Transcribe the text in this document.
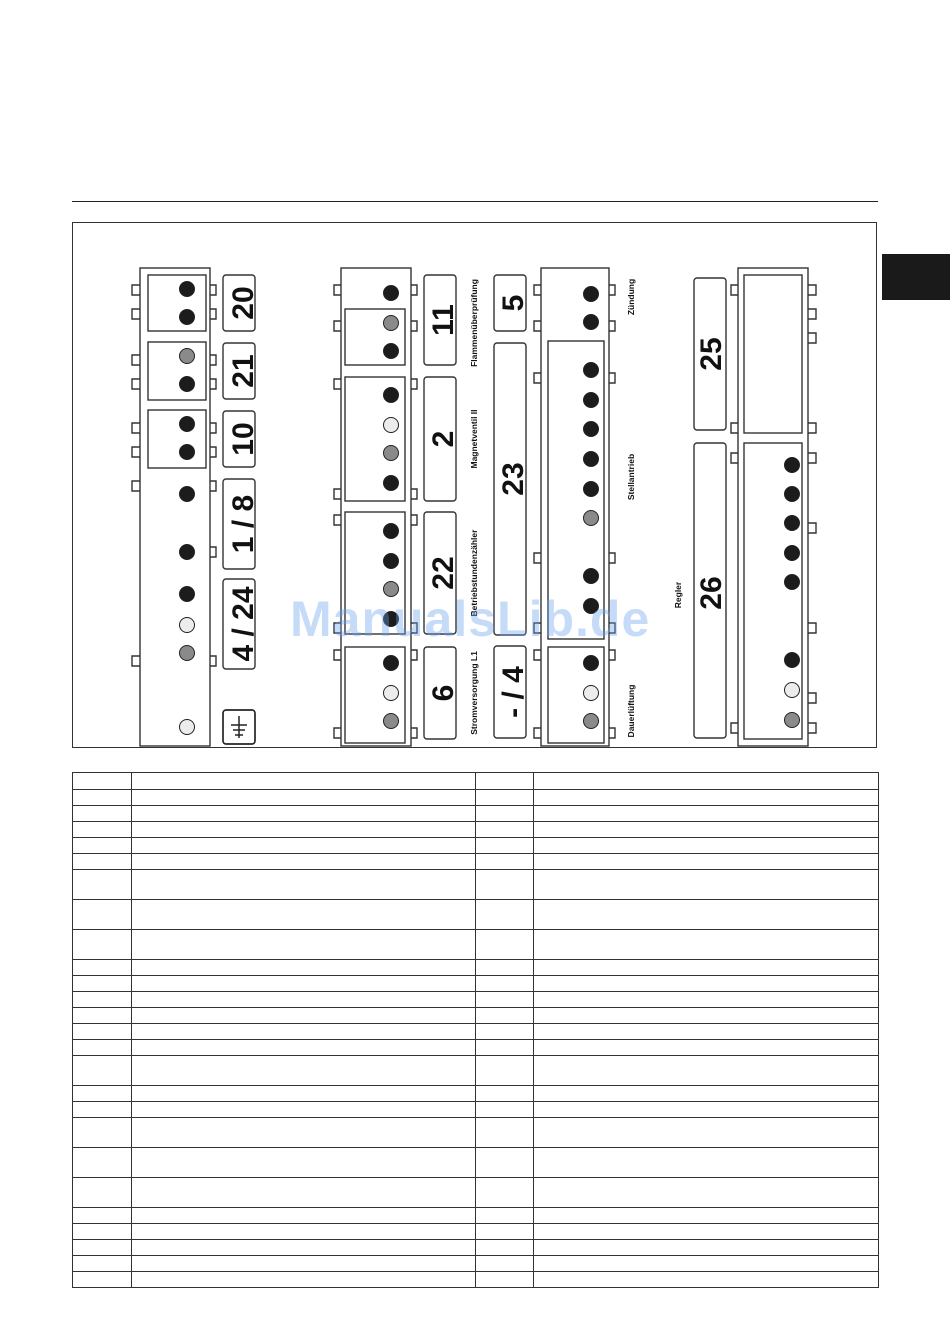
20
21
10
1 / 8
4 / 24
11
2
22
6
5
23
- / 4
25
26
Flammenüberprüfung
Magnetventil II
Betriebstundenzähler
Stromversorgung L1
Zündung
Stellantrieb
Dauerlüftung
Regler
ManualsLib.de
